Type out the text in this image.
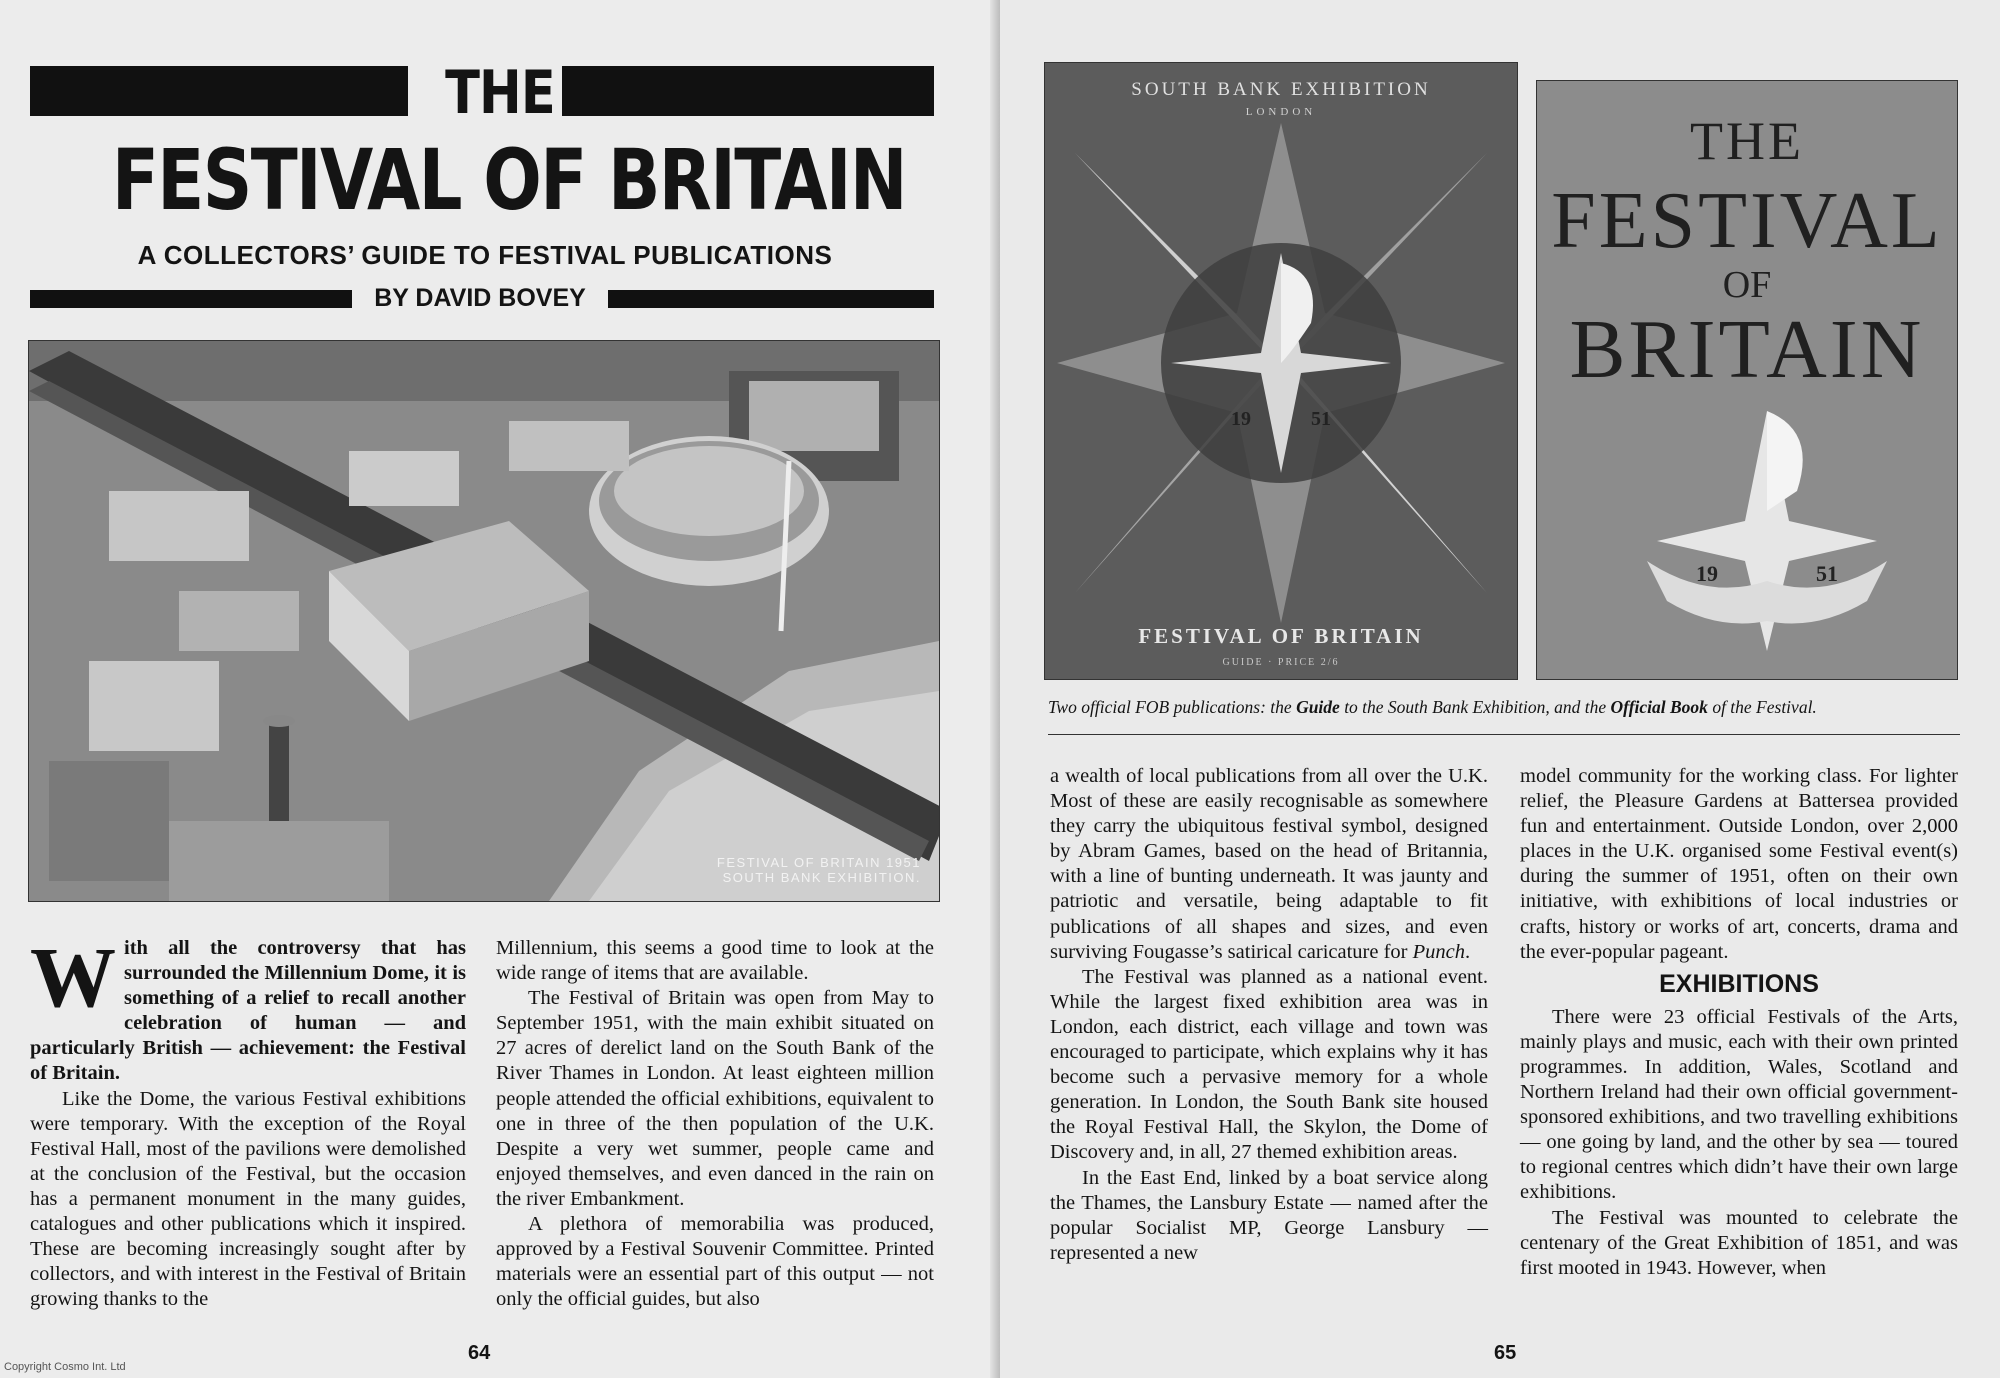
THE
FESTIVAL OF BRITAIN
A COLLECTORS’ GUIDE TO FESTIVAL PUBLICATIONS
BY DAVID BOVEY
FESTIVAL OF BRITAIN 1951
SOUTH BANK EXHIBITION.

With all the controversy that has surrounded the Millennium Dome, it is something of a relief to recall another celebration of human — and particularly British — achievement: the Festival of Britain.

Like the Dome, the various Festival exhibitions were temporary. With the exception of the Royal Festival Hall, most of the pavilions were demolished at the conclusion of the Festival, but the occasion has a permanent monument in the many guides, catalogues and other publications which it inspired. These are becoming increasingly sought after by collectors, and with interest in the Festival of Britain growing thanks to the

Millennium, this seems a good time to look at the wide range of items that are available.

The Festival of Britain was open from May to September 1951, with the main exhibit situated on 27 acres of derelict land on the South Bank of the River Thames in London. At least eighteen million people attended the official exhibitions, equivalent to one in three of the then population of the U.K. Despite a very wet summer, people came and enjoyed themselves, and even danced in the rain on the river Embankment.

A plethora of memorabilia was produced, approved by a Festival Souvenir Committee. Printed materials were an essential part of this output — not only the official guides, but also

64
Copyright Cosmo Int. Ltd
SOUTH BANK EXHIBITION
LONDON
19	51
FESTIVAL OF BRITAIN
GUIDE · PRICE 2/6
THE
FESTIVAL
OF
BRITAIN
19	51
Two official FOB publications: the Guide to the South Bank Exhibition, and the Official Book of the Festival.

a wealth of local publications from all over the U.K. Most of these are easily recognisable as somewhere they carry the ubiquitous festival symbol, designed by Abram Games, based on the head of Britannia, with a line of bunting underneath. It was jaunty and patriotic and versatile, being adaptable to fit publications of all shapes and sizes, and even surviving Fougasse’s satirical caricature for Punch.

The Festival was planned as a national event. While the largest fixed exhibition area was in London, each district, each village and town was encouraged to participate, which explains why it has become such a pervasive memory for a whole generation. In London, the South Bank site housed the Royal Festival Hall, the Skylon, the Dome of Discovery and, in all, 27 themed exhibition areas.

In the East End, linked by a boat service along the Thames, the Lansbury Estate — named after the popular Socialist MP, George Lansbury — represented a new

model community for the working class. For lighter relief, the Pleasure Gardens at Battersea provided fun and entertainment. Outside London, over 2,000 places in the U.K. organised some Festival event(s) during the summer of 1951, often on their own initiative, with exhibitions of local industries or crafts, history or works of art, concerts, drama and the ever-popular pageant.

EXHIBITIONS

There were 23 official Festivals of the Arts, mainly plays and music, each with their own printed programmes. In addition, Wales, Scotland and Northern Ireland had their own official government-sponsored exhibitions, and two travelling exhibitions — one going by land, and the other by sea — toured to regional centres which didn’t have their own large exhibitions.

The Festival was mounted to celebrate the centenary of the Great Exhibition of 1851, and was first mooted in 1943. However, when

65
